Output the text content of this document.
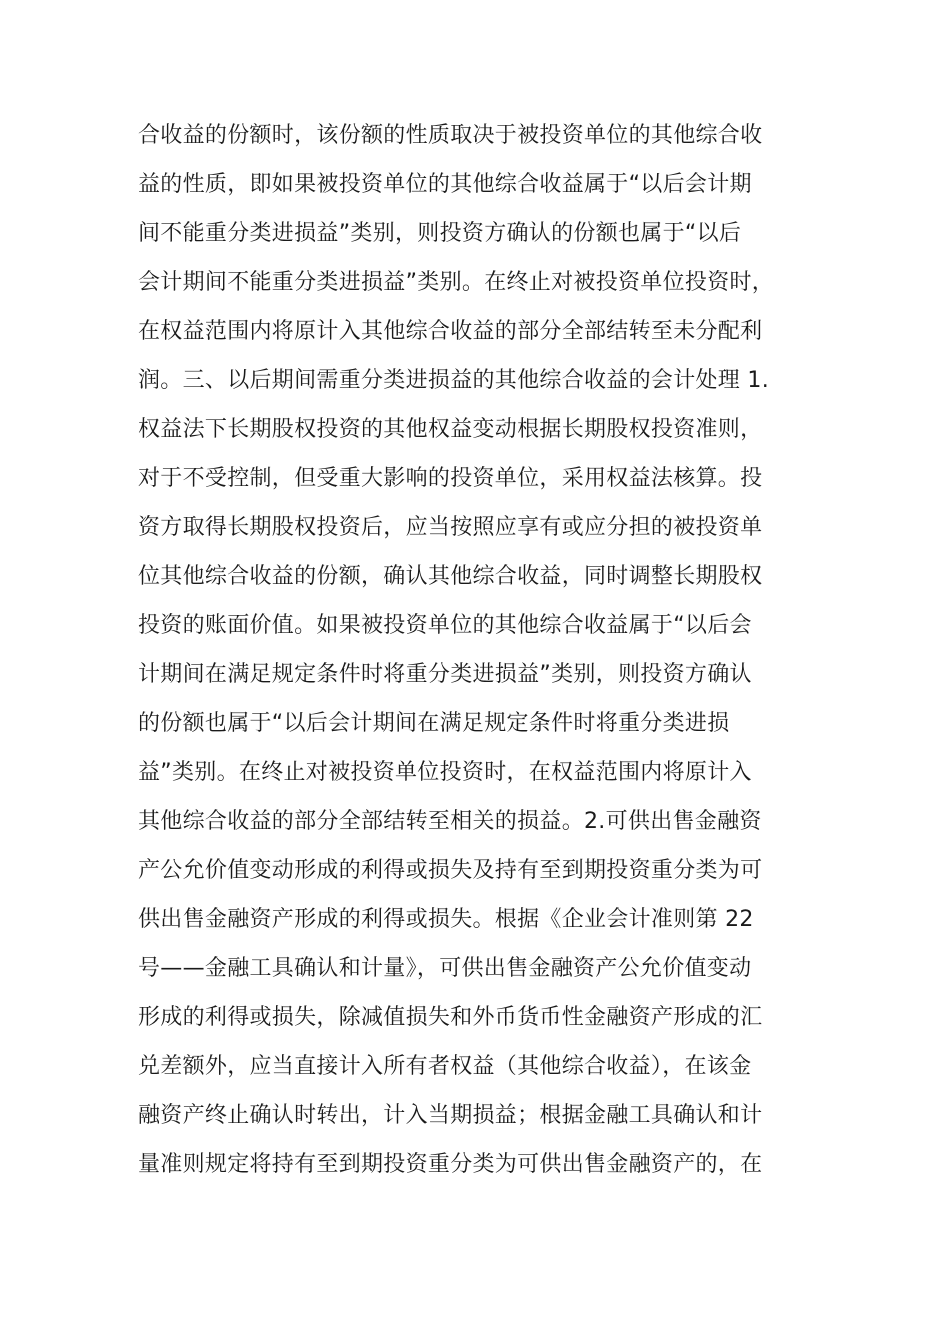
合收益的份额时，该份额的性质取决于被投资单位的其他综合收
益的性质，即如果被投资单位的其他综合收益属于“以后会计期
间不能重分类进损益”类别，则投资方确认的份额也属于“以后
会计期间不能重分类进损益”类别。在终止对被投资单位投资时，
在权益范围内将原计入其他综合收益的部分全部结转至未分配利
润。三、以后期间需重分类进损益的其他综合收益的会计处理 1.
权益法下长期股权投资的其他权益变动根据长期股权投资准则，
对于不受控制，但受重大影响的投资单位，采用权益法核算。投
资方取得长期股权投资后，应当按照应享有或应分担的被投资单
位其他综合收益的份额，确认其他综合收益，同时调整长期股权
投资的账面价值。如果被投资单位的其他综合收益属于“以后会
计期间在满足规定条件时将重分类进损益”类别，则投资方确认
的份额也属于“以后会计期间在满足规定条件时将重分类进损
益”类别。在终止对被投资单位投资时，在权益范围内将原计入
其他综合收益的部分全部结转至相关的损益。2.可供出售金融资
产公允价值变动形成的利得或损失及持有至到期投资重分类为可
供出售金融资产形成的利得或损失。根据《企业会计准则第 22
号——金融工具确认和计量》，可供出售金融资产公允价值变动
形成的利得或损失，除减值损失和外币货币性金融资产形成的汇
兑差额外，应当直接计入所有者权益（其他综合收益），在该金
融资产终止确认时转出，计入当期损益；根据金融工具确认和计
量准则规定将持有至到期投资重分类为可供出售金融资产的，在
